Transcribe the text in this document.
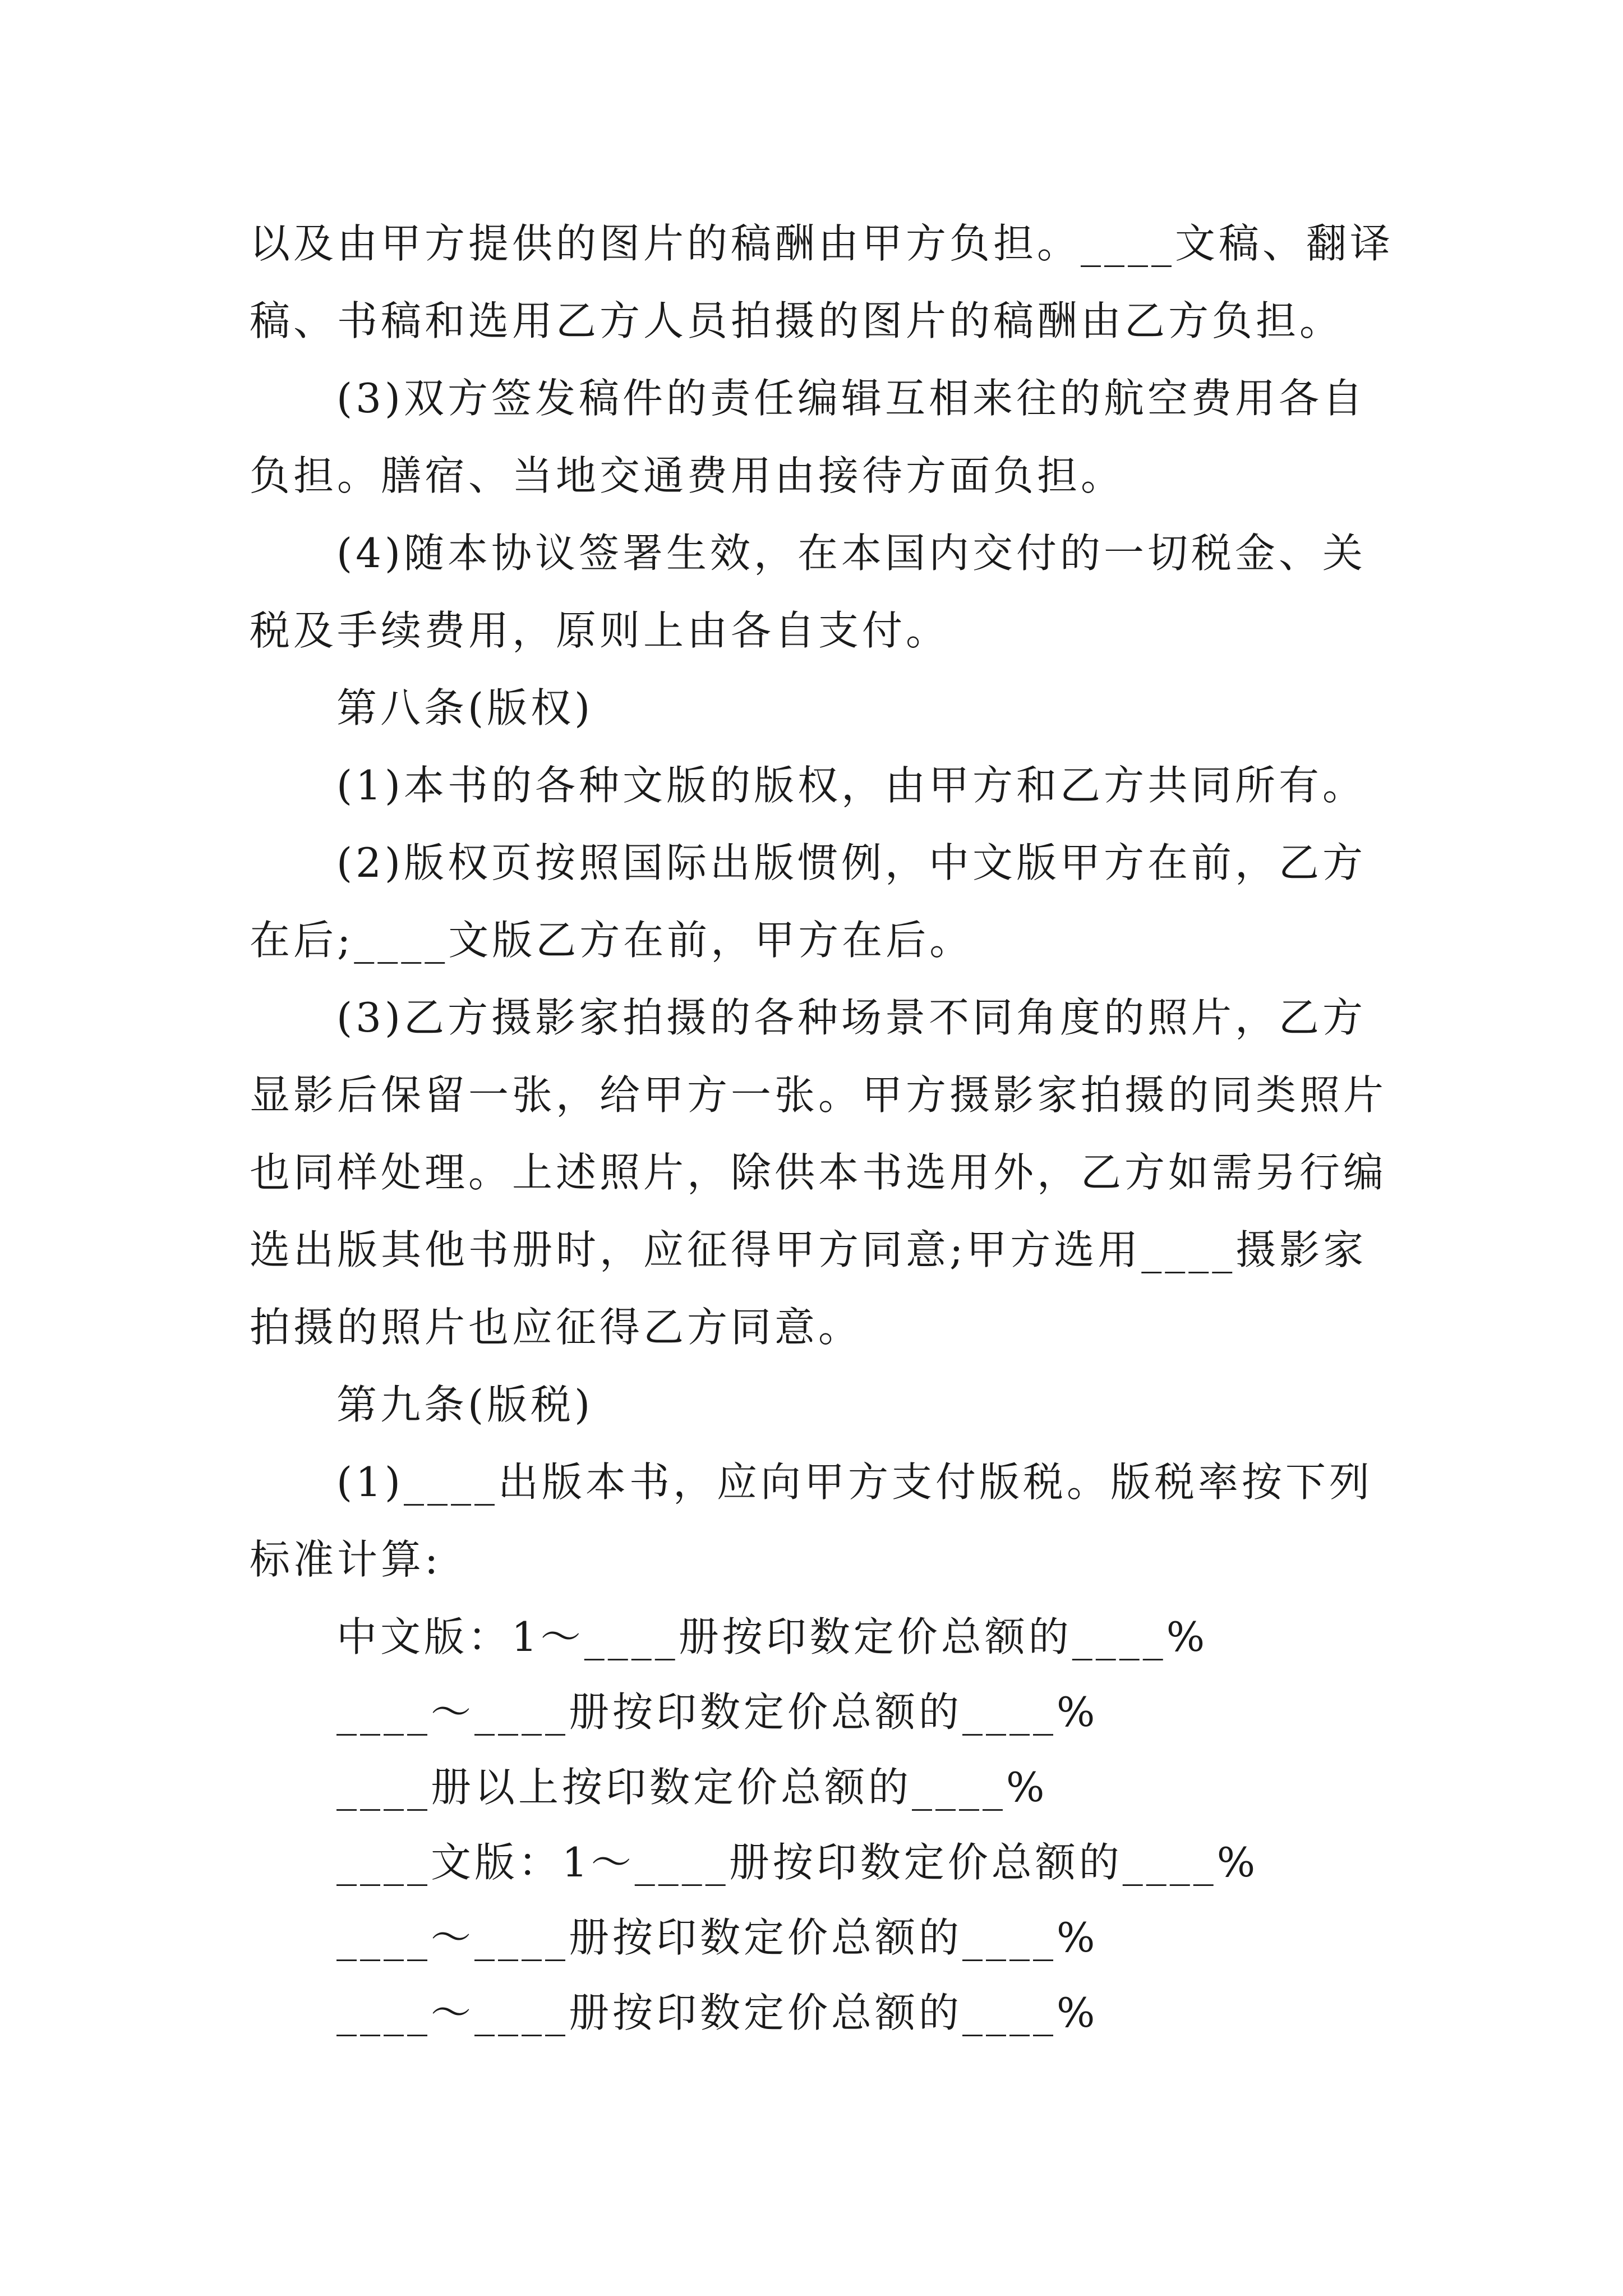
以及由甲方提供的图片的稿酬由甲方负担。____文稿、翻译
稿、书稿和选用乙方人员拍摄的图片的稿酬由乙方负担。
(3)双方签发稿件的责任编辑互相来往的航空费用各自
负担。膳宿、当地交通费用由接待方面负担。
(4)随本协议签署生效，在本国内交付的一切税金、关
税及手续费用，原则上由各自支付。
第八条(版权)
(1)本书的各种文版的版权，由甲方和乙方共同所有。
(2)版权页按照国际出版惯例，中文版甲方在前，乙方
在后;____文版乙方在前，甲方在后。
(3)乙方摄影家拍摄的各种场景不同角度的照片，乙方
显影后保留一张，给甲方一张。甲方摄影家拍摄的同类照片
也同样处理。上述照片，除供本书选用外，乙方如需另行编
选出版其他书册时，应征得甲方同意;甲方选用____摄影家
拍摄的照片也应征得乙方同意。
第九条(版税)
(1)____出版本书，应向甲方支付版税。版税率按下列
标准计算:
中文版：1～____册按印数定价总额的____%
____～____册按印数定价总额的____%
____册以上按印数定价总额的____%
____文版：1～____册按印数定价总额的____%
____～____册按印数定价总额的____%
____～____册按印数定价总额的____%
